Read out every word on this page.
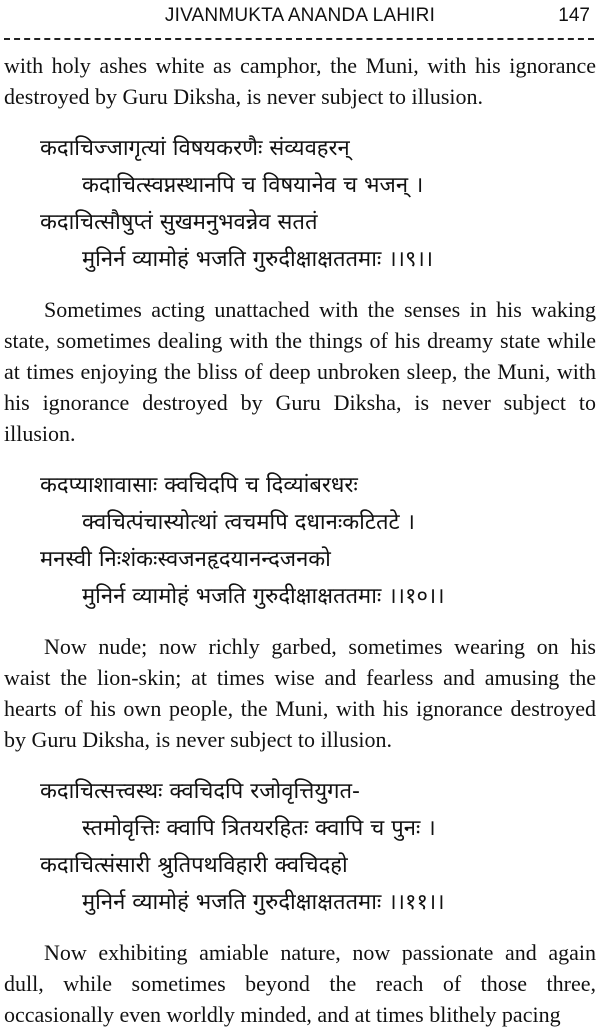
JIVANMUKTA ANANDA LAHIRI	147

with holy ashes white as camphor, the Muni, with his ignorance destroyed by Guru Diksha, is never subject to illusion.

कदाचिज्जागृत्यां विषयकरणैः संव्यवहरन्
कदाचित्स्वप्नस्थानपि च विषयानेव च भजन् ।
कदाचित्सौषुप्तं सुखमनुभवन्नेव सततं
मुनिर्न व्यामोहं भजति गुरुदीक्षाक्षततमाः ।।९।।

Sometimes acting unattached with the senses in his waking state, sometimes dealing with the things of his dreamy state while at times enjoying the bliss of deep unbroken sleep, the Muni, with his ignorance destroyed by Guru Diksha, is never subject to illusion.

कदप्याशावासाः क्वचिदपि च दिव्यांबरधरः
क्वचित्पंचास्योत्थां त्वचमपि दधानःकटितटे ।
मनस्वी निःशंकःस्वजनहृदयानन्दजनको
मुनिर्न व्यामोहं भजति गुरुदीक्षाक्षततमाः ।।१०।।

Now nude; now richly garbed, sometimes wearing on his waist the lion-skin; at times wise and fearless and amusing the hearts of his own people, the Muni, with his ignorance destroyed by Guru Diksha, is never subject to illusion.

कदाचित्सत्त्वस्थः क्वचिदपि रजोवृत्तियुगत-
स्तमोवृत्तिः क्वापि त्रितयरहितः क्वापि च पुनः ।
कदाचित्संसारी श्रुतिपथविहारी क्वचिदहो
मुनिर्न व्यामोहं भजति गुरुदीक्षाक्षततमाः ।।११।।

Now exhibiting amiable nature, now passionate and again dull, while sometimes beyond the reach of those three, occasionally even worldly minded, and at times blithely pacing
